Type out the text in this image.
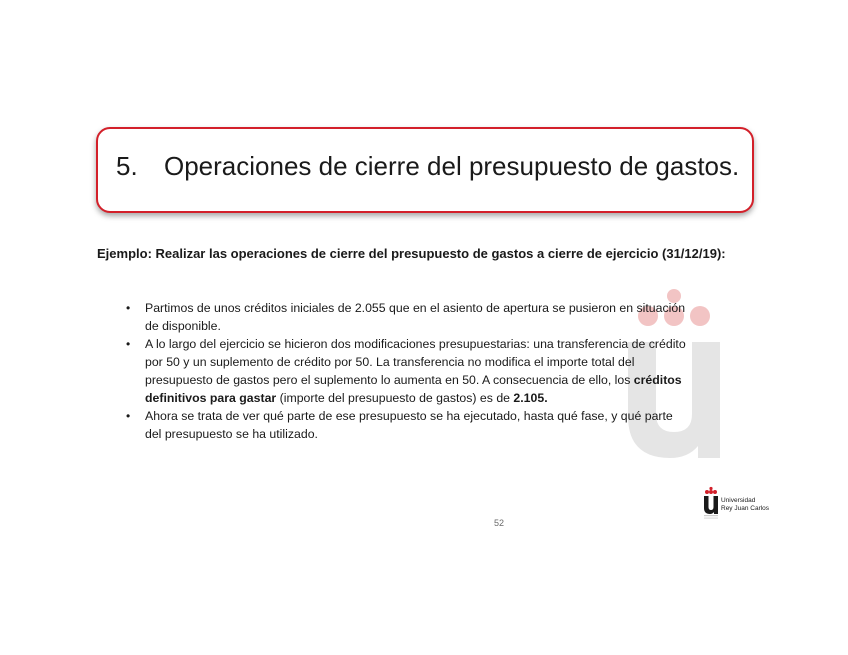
5. Operaciones de cierre del presupuesto de gastos.
Ejemplo: Realizar las operaciones de cierre del presupuesto de gastos a cierre de ejercicio (31/12/19):
• Partimos de unos créditos iniciales de 2.055 que en el asiento de apertura se pusieron en situación de disponible.
• A lo largo del ejercicio se hicieron dos modificaciones presupuestarias: una transferencia de crédito por 50 y un suplemento de crédito por 50. La transferencia no modifica el importe total del presupuesto de gastos pero el suplemento lo aumenta en 50. A consecuencia de ello, los créditos definitivos para gastar (importe del presupuesto de gastos) es de 2.105.
• Ahora se trata de ver qué parte de ese presupuesto se ha ejecutado, hasta qué fase, y qué parte del presupuesto se ha utilizado.
52
Universidad
Rey Juan Carlos
